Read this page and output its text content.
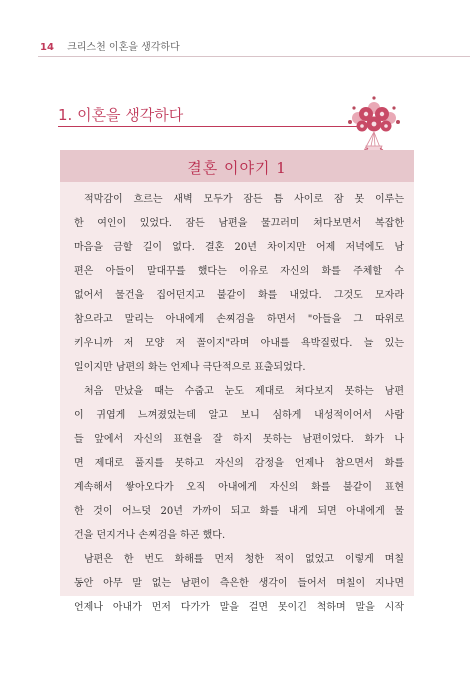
14 크리스천 이혼을 생각하다
1. 이혼을 생각하다
결혼 이야기 1
적막감이 흐르는 새벽 모두가 잠든 틈 사이로 잠 못 이루는
한 여인이 있었다. 잠든 남편을 물끄러미 쳐다보면서 복잡한
마음을 금할 길이 없다. 결혼 20년 차이지만 어제 저녁에도 남
편은 아들이 말대꾸를 했다는 이유로 자신의 화를 주체할 수
없어서 물건을 집어던지고 불같이 화를 내었다. 그것도 모자라
참으라고 말리는 아내에게 손찌검을 하면서 "아들을 그 따위로
키우니까 저 모양 저 꼴이지"라며 아내를 욕박질렀다. 늘 있는
일이지만 남편의 화는 언제나 극단적으로 표출되었다.
처음 만났을 때는 수줍고 눈도 제대로 쳐다보지 못하는 남편
이 귀엽게 느껴졌었는데 알고 보니 심하게 내성적이어서 사람
들 앞에서 자신의 표현을 잘 하지 못하는 남편이었다. 화가 나
면 제대로 풀지를 못하고 자신의 감정을 언제나 참으면서 화를
계속해서 쌓아오다가 오직 아내에게 자신의 화를 불같이 표현
한 것이 어느덧 20년 가까이 되고 화를 내게 되면 아내에게 물
건을 던지거나 손찌검을 하곤 했다.
남편은 한 번도 화해를 먼저 청한 적이 없었고 이렇게 며칠
동안 아무 말 없는 남편이 측은한 생각이 들어서 며칠이 지나면
언제나 아내가 먼저 다가가 말을 걸면 못이긴 척하며 말을 시작
